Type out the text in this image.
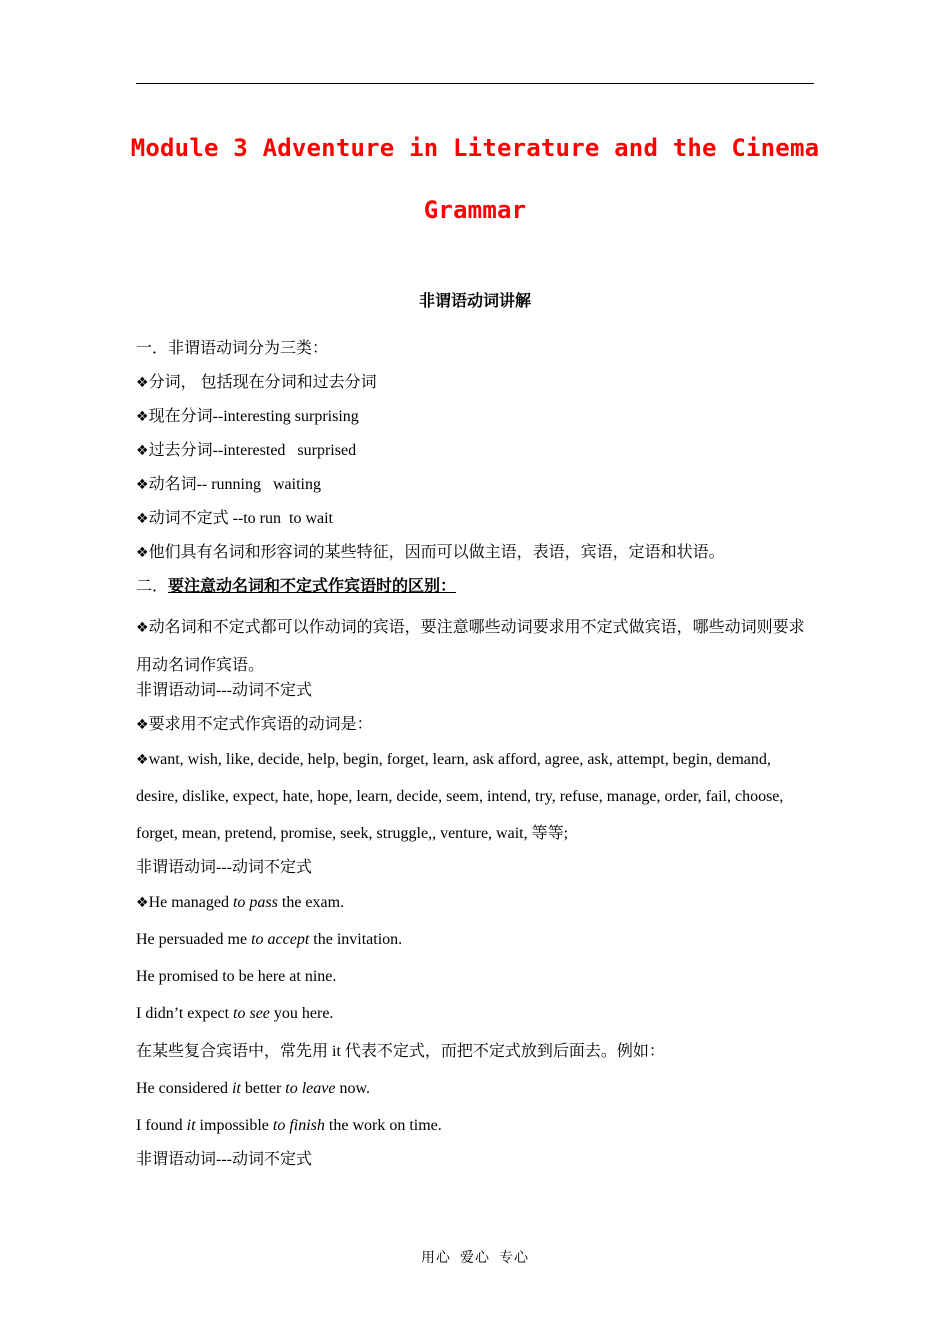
Module 3 Adventure in Literature and the Cinema
Grammar
非谓语动词讲解
一．非谓语动词分为三类：
❖分词， 包括现在分词和过去分词
❖现在分词--interesting surprising
❖过去分词--interested   surprised
❖动名词-- running   waiting
❖动词不定式 --to run  to wait
❖他们具有名词和形容词的某些特征，因而可以做主语，表语，宾语，定语和状语。
二．要注意动名词和不定式作宾语时的区别：
❖动名词和不定式都可以作动词的宾语，要注意哪些动词要求用不定式做宾语，哪些动词则要求用动名词作宾语。
非谓语动词---动词不定式
❖要求用不定式作宾语的动词是：
❖want, wish, like, decide, help, begin, forget, learn, ask afford, agree, ask, attempt, begin, demand,
desire, dislike, expect, hate, hope, learn, decide, seem, intend, try, refuse, manage, order, fail, choose,
forget, mean, pretend, promise, seek, struggle,, venture, wait, 等等;
非谓语动词---动词不定式
❖He managed to pass the exam.
He persuaded me to accept the invitation.
He promised to be here at nine.
I didn’t expect to see you here.
在某些复合宾语中，常先用 it 代表不定式，而把不定式放到后面去。例如：
He considered it better to leave now.
I found it impossible to finish the work on time.
非谓语动词---动词不定式
用心  爱心  专心
